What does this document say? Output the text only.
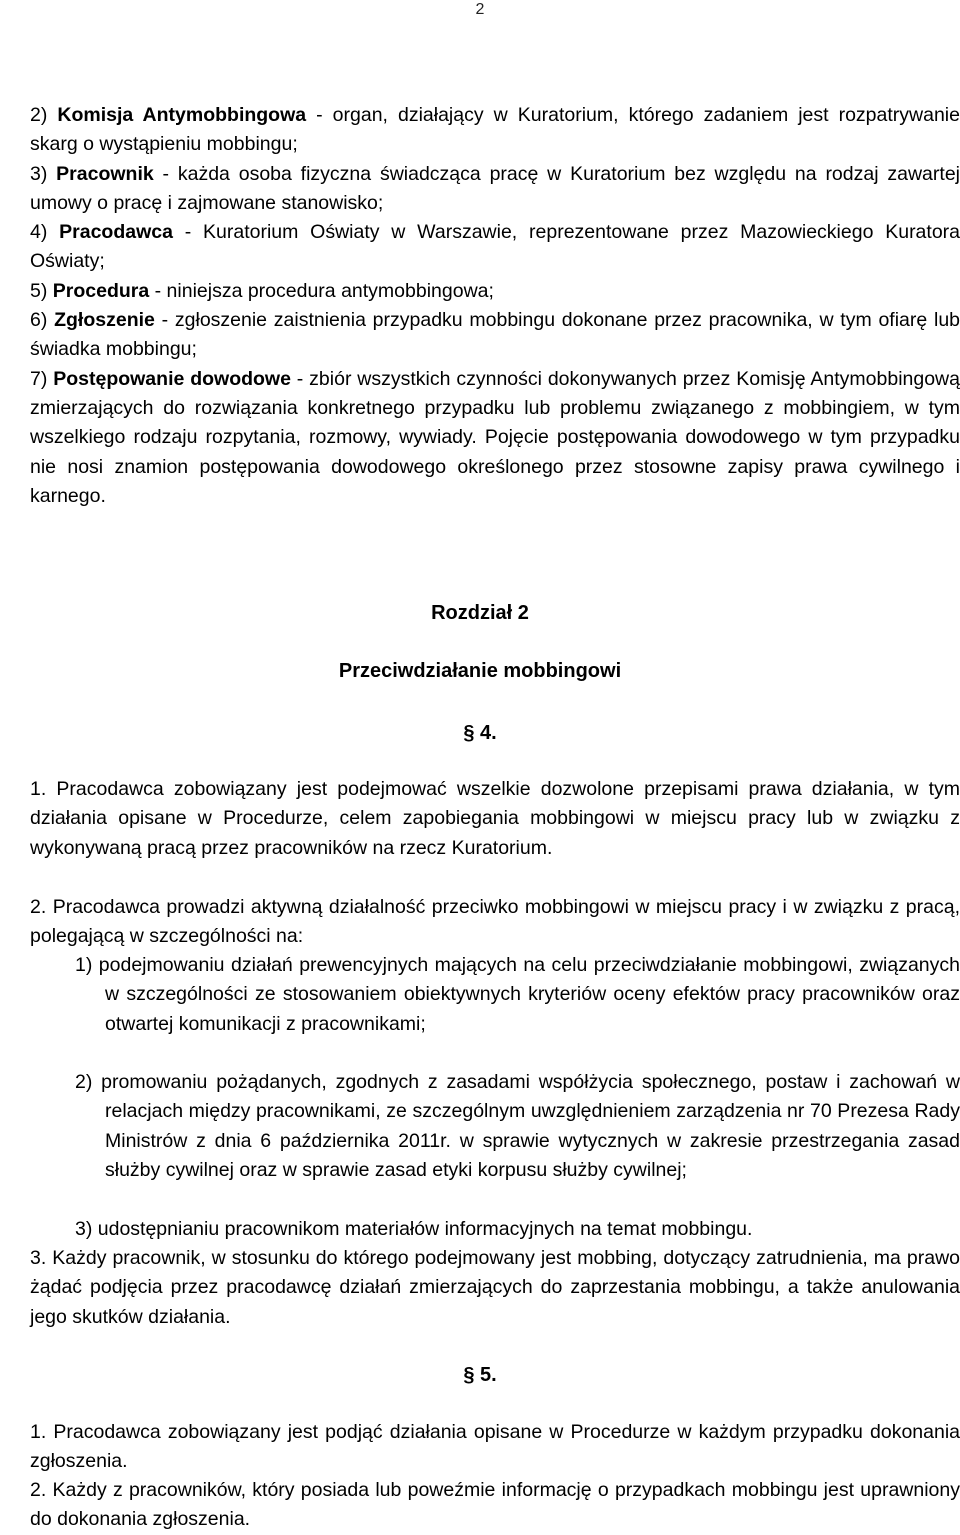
2

2) Komisja Antymobbingowa - organ, działający w Kuratorium, którego zadaniem jest rozpatrywanie skarg o wystąpieniu mobbingu;

3) Pracownik - każda osoba fizyczna świadcząca pracę w Kuratorium bez względu na rodzaj zawartej umowy o pracę i zajmowane stanowisko;

4) Pracodawca - Kuratorium Oświaty w Warszawie, reprezentowane przez Mazowieckiego Kuratora Oświaty;

5) Procedura - niniejsza procedura antymobbingowa;

6) Zgłoszenie - zgłoszenie zaistnienia przypadku mobbingu dokonane przez pracownika, w tym ofiarę lub świadka mobbingu;

7) Postępowanie dowodowe - zbiór wszystkich czynności dokonywanych przez Komisję Antymobbingową zmierzających do rozwiązania konkretnego przypadku lub problemu związanego z mobbingiem, w tym wszelkiego rodzaju rozpytania, rozmowy, wywiady. Pojęcie postępowania dowodowego w tym przypadku nie nosi znamion postępowania dowodowego określonego przez stosowne zapisy prawa cywilnego i karnego.

Rozdział 2
Przeciwdziałanie mobbingowi
§ 4.

1. Pracodawca zobowiązany jest podejmować wszelkie dozwolone przepisami prawa działania, w tym działania opisane w Procedurze, celem zapobiegania mobbingowi w miejscu pracy lub w związku z wykonywaną pracą przez pracowników na rzecz Kuratorium.

2. Pracodawca prowadzi aktywną działalność przeciwko mobbingowi w miejscu pracy i w związku z pracą, polegającą w szczególności na:

1) podejmowaniu działań prewencyjnych mających na celu przeciwdziałanie mobbingowi, związanych w szczególności ze stosowaniem obiektywnych kryteriów oceny efektów pracy pracowników oraz otwartej komunikacji z pracownikami;

2) promowaniu pożądanych, zgodnych z zasadami współżycia społecznego, postaw i zachowań w relacjach między pracownikami, ze szczególnym uwzględnieniem zarządzenia nr 70 Prezesa Rady Ministrów z dnia 6 października 2011r. w sprawie wytycznych w zakresie przestrzegania zasad służby cywilnej oraz w sprawie zasad etyki korpusu służby cywilnej;

3) udostępnianiu pracownikom materiałów informacyjnych na temat mobbingu.

3. Każdy pracownik, w stosunku do którego podejmowany jest mobbing, dotyczący zatrudnienia, ma prawo żądać podjęcia przez pracodawcę działań zmierzających do zaprzestania mobbingu, a także anulowania jego skutków działania.

§ 5.

1. Pracodawca zobowiązany jest podjąć działania opisane w Procedurze w każdym przypadku dokonania zgłoszenia.

2. Każdy z pracowników, który posiada lub poweźmie informację o przypadkach mobbingu jest uprawniony do dokonania zgłoszenia.
